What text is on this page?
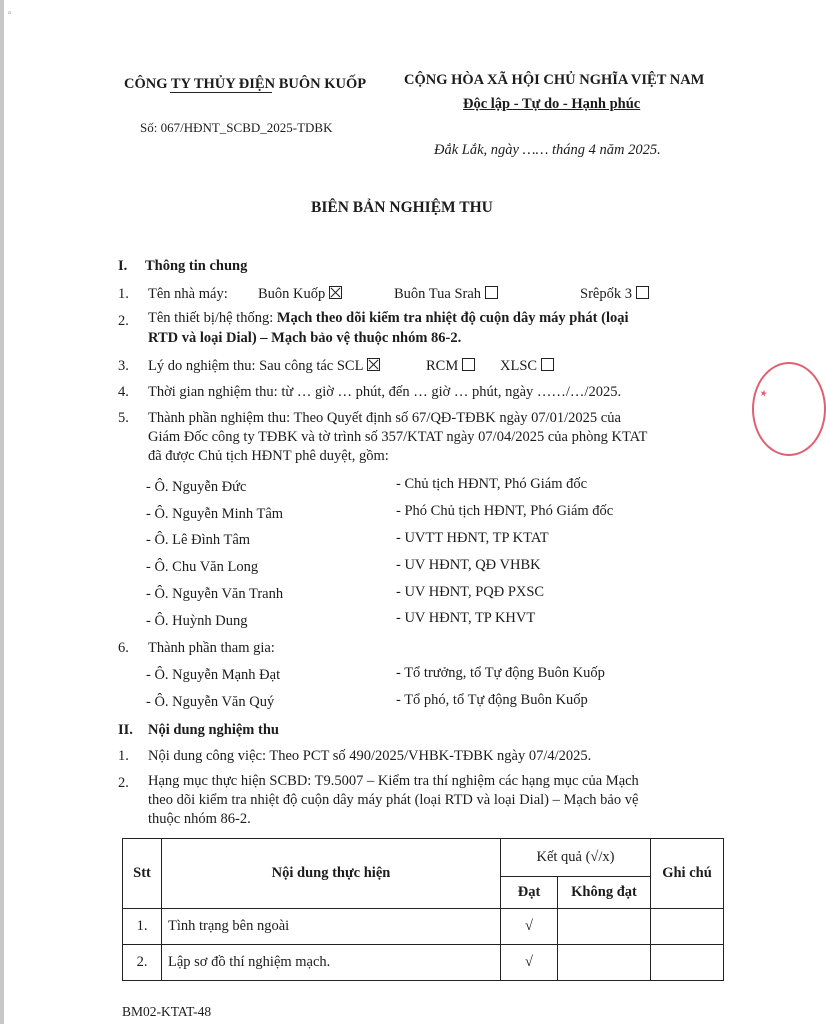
ₐ
CÔNG TY THỦY ĐIỆN BUÔN KUỐP	CỘNG HÒA XÃ HỘI CHỦ NGHĨA VIỆT NAM
Độc lập - Tự do - Hạnh phúc
Số: 067/HĐNT_SCBD_2025-TDBK
Đắk Lắk, ngày …… tháng 4 năm 2025.
BIÊN BẢN NGHIỆM THU
I. Thông tin chung
1. Tên nhà máy: Buôn Kuốp	Buôn Tua Srah	Srêpốk 3
2. Tên thiết bị/hệ thống: Mạch theo dõi kiểm tra nhiệt độ cuộn dây máy phát (loại
RTD và loại Dial) – Mạch bảo vệ thuộc nhóm 86-2.
3. Lý do nghiệm thu: Sau công tác SCL	RCM	XLSC
4. Thời gian nghiệm thu: từ … giờ … phút, đến … giờ … phút, ngày ……/…/2025.
5. Thành phần nghiệm thu: Theo Quyết định số 67/QĐ-TĐBK ngày 07/01/2025 của
Giám Đốc công ty TĐBK và tờ trình số 357/KTAT ngày 07/04/2025 của phòng KTAT
đã được Chủ tịch HĐNT phê duyệt, gồm:
- Ô. Nguyễn Đức	- Chủ tịch HĐNT, Phó Giám đốc
- Ô. Nguyễn Minh Tâm	- Phó Chủ tịch HĐNT, Phó Giám đốc
- Ô. Lê Đình Tâm	- UVTT HĐNT, TP KTAT
- Ô. Chu Văn Long	- UV HĐNT, QĐ VHBK
- Ô. Nguyễn Văn Tranh	- UV HĐNT, PQĐ PXSC
- Ô. Huỳnh Dung	- UV HĐNT, TP KHVT
6. Thành phần tham gia:
- Ô. Nguyễn Mạnh Đạt	- Tổ trưởng, tổ Tự động Buôn Kuốp
- Ô. Nguyễn Văn Quý	- Tổ phó, tổ Tự động Buôn Kuốp
II. Nội dung nghiệm thu
1. Nội dung công việc: Theo PCT số 490/2025/VHBK-TĐBK ngày 07/4/2025.
2. Hạng mục thực hiện SCBD: T9.5007 – Kiểm tra thí nghiệm các hạng mục của Mạch
theo dõi kiểm tra nhiệt độ cuộn dây máy phát (loại RTD và loại Dial) – Mạch bảo vệ
thuộc nhóm 86-2.
Stt	Nội dung thực hiện	Kết quả (√/x)		Ghi chú
		Đạt	Không đạt	
1.	Tình trạng bên ngoài	√		
2.	Lập sơ đồ thí nghiệm mạch.	√		
BM02-KTAT-48
★
